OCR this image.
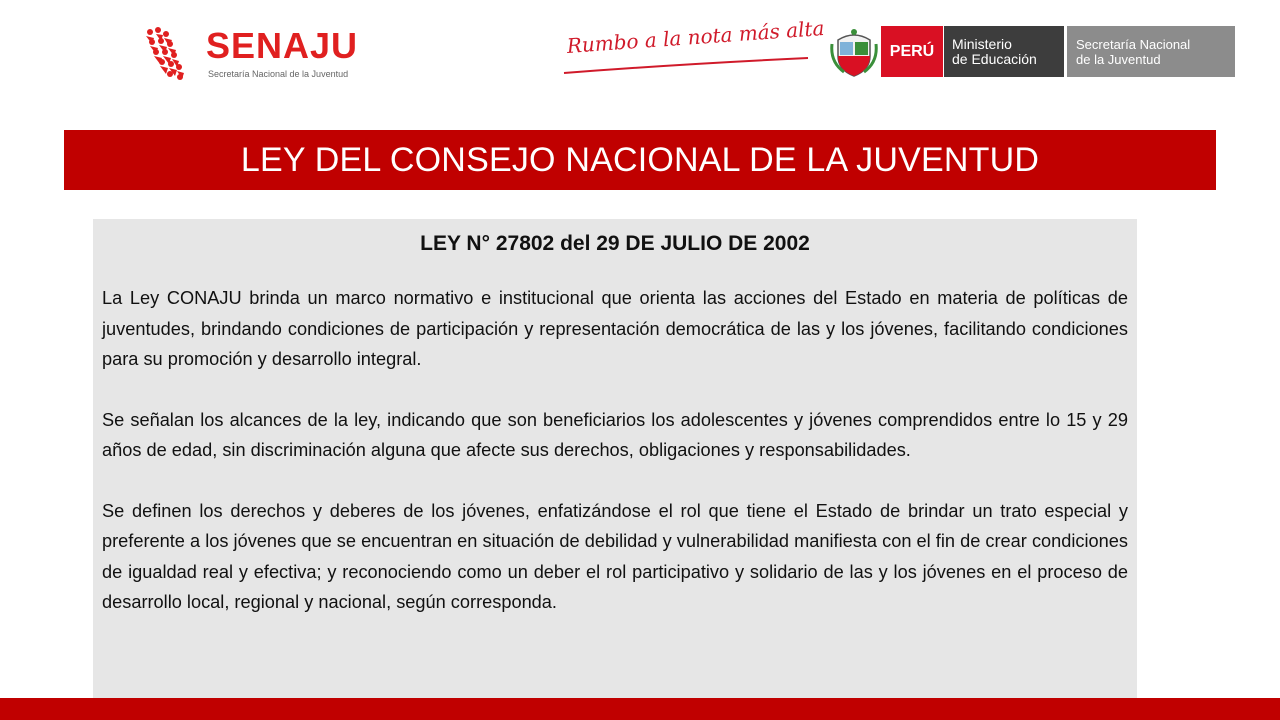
SENAJU
Secretaría Nacional de la Juventud
Rumbo a la nota más alta	PERÚ Ministerio
de Educación
Secretaría Nacional
de la Juventud
LEY DEL CONSEJO NACIONAL DE LA JUVENTUD
LEY N° 27802 del 29 DE JULIO DE 2002

La Ley CONAJU brinda un marco normativo e institucional que orienta las acciones del Estado en materia de políticas de juventudes, brindando condiciones de participación y representación democrática de las y los jóvenes, facilitando condiciones para su promoción y desarrollo integral.

Se señalan los alcances de la ley, indicando que son beneficiarios los adolescentes y jóvenes comprendidos entre lo 15 y 29 años de edad, sin discriminación alguna que afecte sus derechos, obligaciones y responsabilidades.

Se definen los derechos y deberes de los jóvenes, enfatizándose el rol que tiene el Estado de brindar un trato especial y preferente a los jóvenes que se encuentran en situación de debilidad y vulnerabilidad manifiesta con el fin de crear condiciones de igualdad real y efectiva; y reconociendo como un deber el rol participativo y solidario de las y los jóvenes en el proceso de desarrollo local, regional y nacional, según corresponda.
